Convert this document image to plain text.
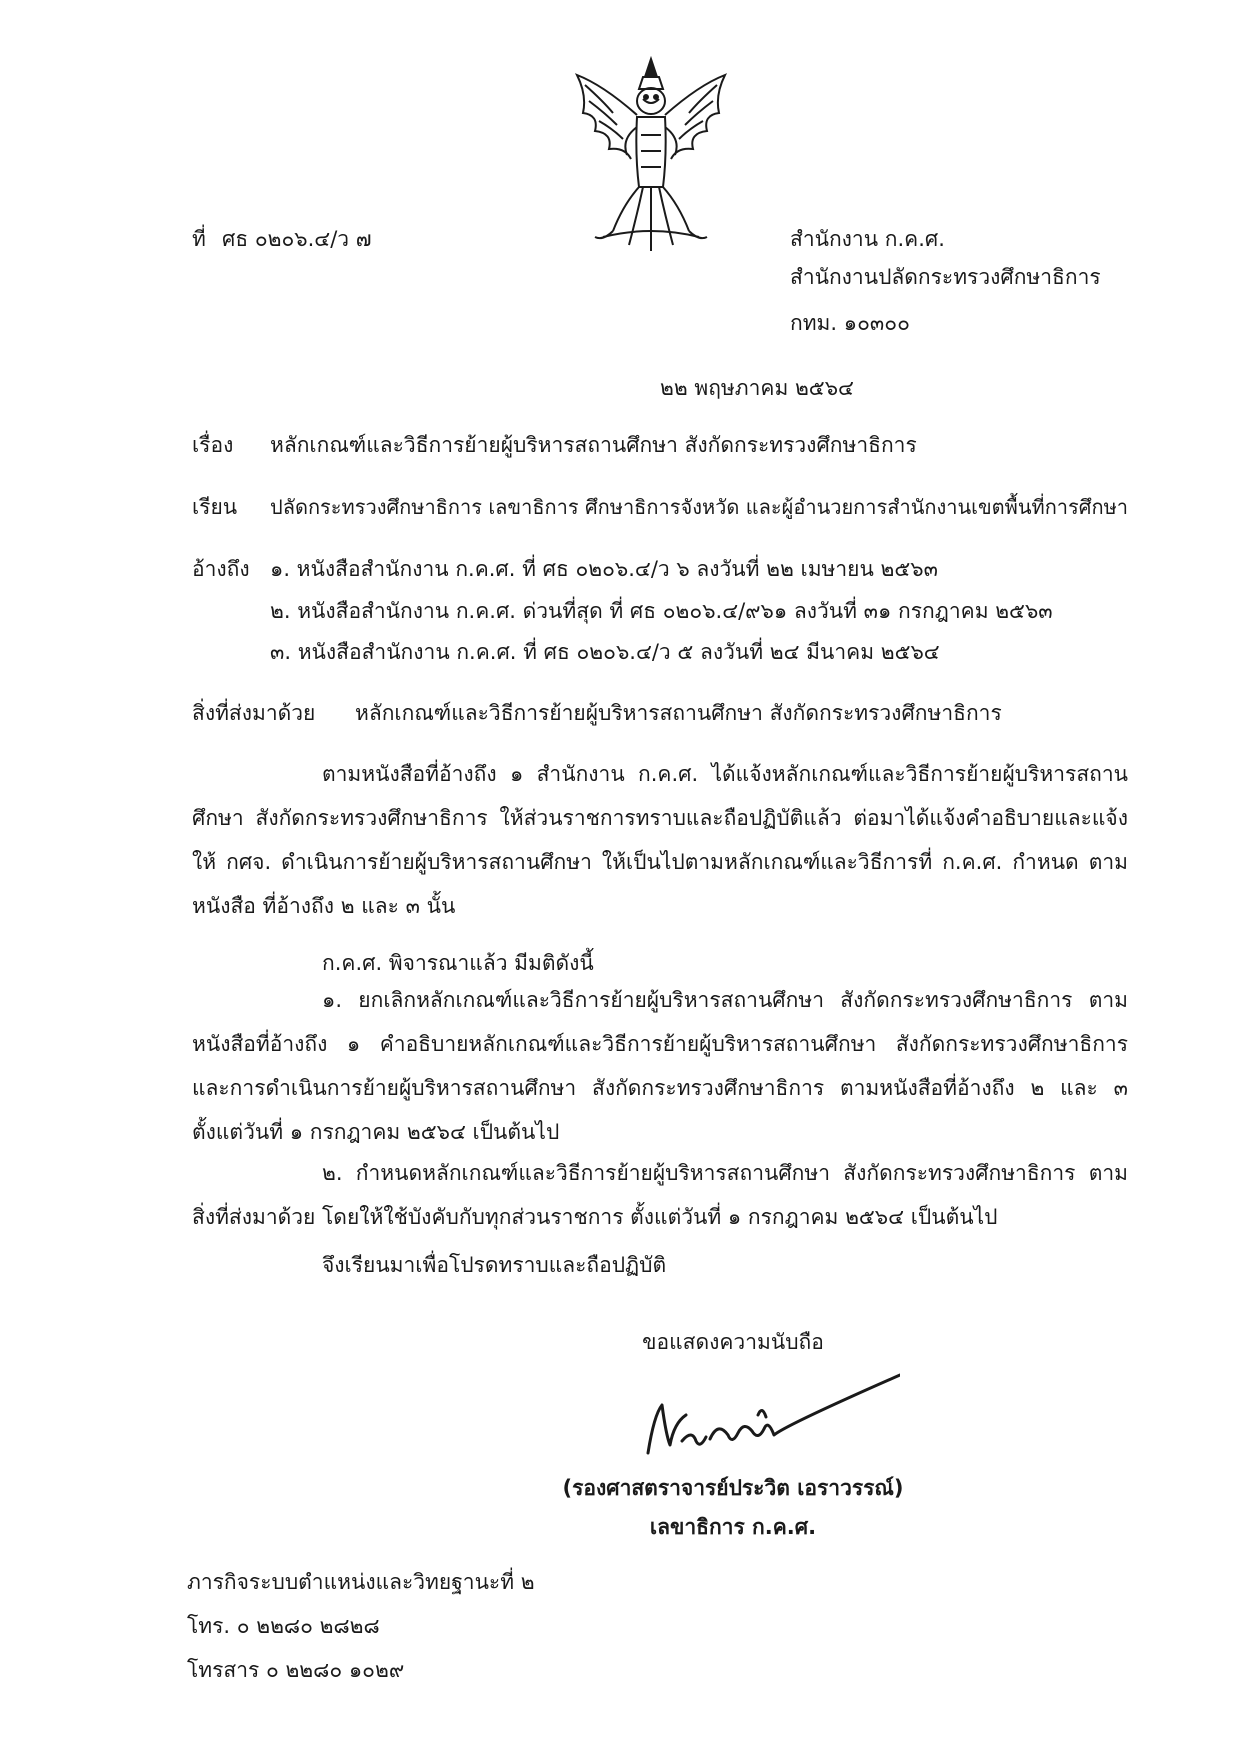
ที่ ศธ ๐๒๐๖.๔/ว ๗	สำนักงาน ก.ค.ศ.
สำนักงานปลัดกระทรวงศึกษาธิการ
กทม. ๑๐๓๐๐
๒๒ พฤษภาคม ๒๕๖๔
เรื่อง หลักเกณฑ์และวิธีการย้ายผู้บริหารสถานศึกษา สังกัดกระทรวงศึกษาธิการ
เรียน ปลัดกระทรวงศึกษาธิการ เลขาธิการ ศึกษาธิการจังหวัด และผู้อำนวยการสำนักงานเขตพื้นที่การศึกษา
อ้างถึง ๑. หนังสือสำนักงาน ก.ค.ศ. ที่ ศธ ๐๒๐๖.๔/ว ๖ ลงวันที่ ๒๒ เมษายน ๒๕๖๓
๒. หนังสือสำนักงาน ก.ค.ศ. ด่วนที่สุด ที่ ศธ ๐๒๐๖.๔/๙๖๑ ลงวันที่ ๓๑ กรกฎาคม ๒๕๖๓
๓. หนังสือสำนักงาน ก.ค.ศ. ที่ ศธ ๐๒๐๖.๔/ว ๕ ลงวันที่ ๒๔ มีนาคม ๒๕๖๔
สิ่งที่ส่งมาด้วย หลักเกณฑ์และวิธีการย้ายผู้บริหารสถานศึกษา สังกัดกระทรวงศึกษาธิการ
ตามหนังสือที่อ้างถึง ๑ สำนักงาน ก.ค.ศ. ได้แจ้งหลักเกณฑ์และวิธีการย้ายผู้บริหารสถานศึกษา สังกัดกระทรวงศึกษาธิการ ให้ส่วนราชการทราบและถือปฏิบัติแล้ว ต่อมาได้แจ้งคำอธิบายและแจ้งให้ กศจ. ดำเนินการย้ายผู้บริหารสถานศึกษา ให้เป็นไปตามหลักเกณฑ์และวิธีการที่ ก.ค.ศ. กำหนด ตามหนังสือ ที่อ้างถึง ๒ และ ๓ นั้น
ก.ค.ศ. พิจารณาแล้ว มีมติดังนี้
๑. ยกเลิกหลักเกณฑ์และวิธีการย้ายผู้บริหารสถานศึกษา สังกัดกระทรวงศึกษาธิการ ตามหนังสือที่อ้างถึง ๑ คำอธิบายหลักเกณฑ์และวิธีการย้ายผู้บริหารสถานศึกษา สังกัดกระทรวงศึกษาธิการ และการดำเนินการย้ายผู้บริหารสถานศึกษา สังกัดกระทรวงศึกษาธิการ ตามหนังสือที่อ้างถึง ๒ และ ๓ ตั้งแต่วันที่ ๑ กรกฎาคม ๒๕๖๔ เป็นต้นไป
๒. กำหนดหลักเกณฑ์และวิธีการย้ายผู้บริหารสถานศึกษา สังกัดกระทรวงศึกษาธิการ ตามสิ่งที่ส่งมาด้วย โดยให้ใช้บังคับกับทุกส่วนราชการ ตั้งแต่วันที่ ๑ กรกฎาคม ๒๕๖๔ เป็นต้นไป
จึงเรียนมาเพื่อโปรดทราบและถือปฏิบัติ
ขอแสดงความนับถือ
(รองศาสตราจารย์ประวิต เอราวรรณ์)
เลขาธิการ ก.ค.ศ.
ภารกิจระบบตำแหน่งและวิทยฐานะที่ ๒
โทร. ๐ ๒๒๘๐ ๒๘๒๘
โทรสาร ๐ ๒๒๘๐ ๑๐๒๙
